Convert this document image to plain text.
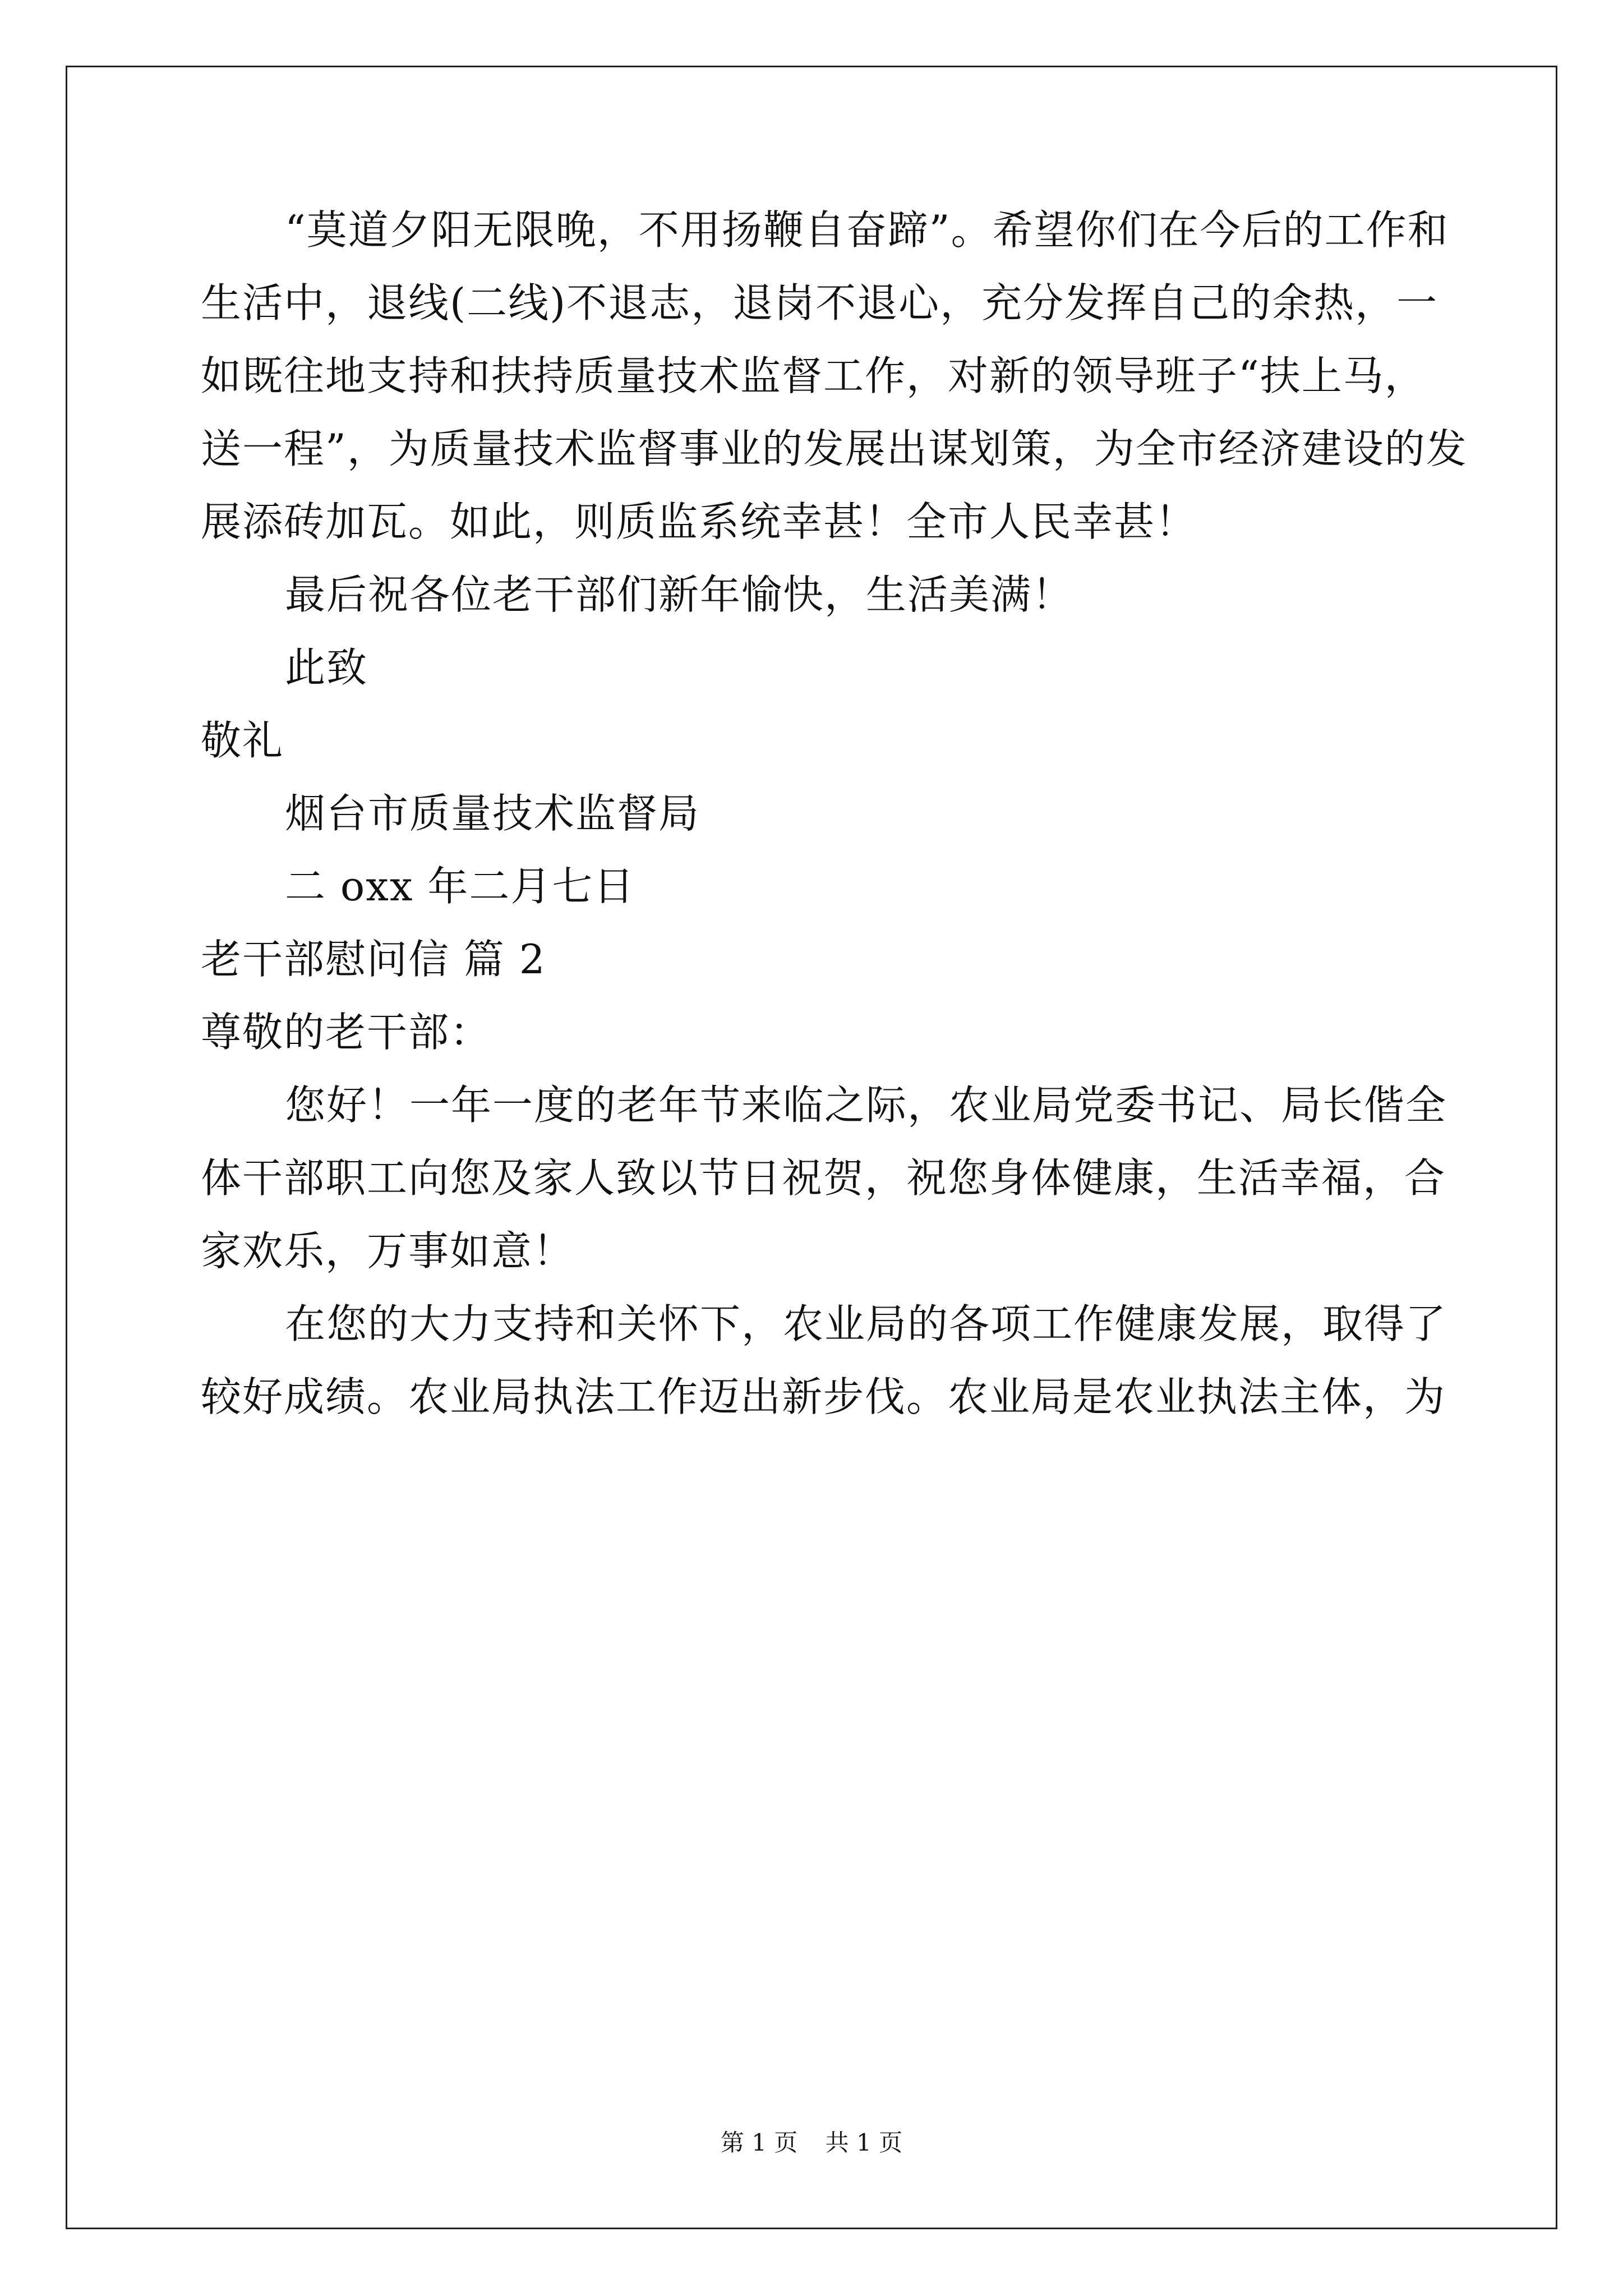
“莫道夕阳无限晚，不用扬鞭自奋蹄”。希望你们在今后的工作和
生活中，退线(二线)不退志，退岗不退心，充分发挥自己的余热，一
如既往地支持和扶持质量技术监督工作，对新的领导班子“扶上马，
送一程”，为质量技术监督事业的发展出谋划策，为全市经济建设的发
展添砖加瓦。如此，则质监系统幸甚！全市人民幸甚！
最后祝各位老干部们新年愉快，生活美满！
此致
敬礼
烟台市质量技术监督局
二 oxx 年二月七日
老干部慰问信 篇 2
尊敬的老干部：
您好！一年一度的老年节来临之际，农业局党委书记、局长偕全
体干部职工向您及家人致以节日祝贺，祝您身体健康，生活幸福，合
家欢乐，万事如意！
在您的大力支持和关怀下，农业局的各项工作健康发展，取得了
较好成绩。农业局执法工作迈出新步伐。农业局是农业执法主体，为
第 1 页 共 1 页
